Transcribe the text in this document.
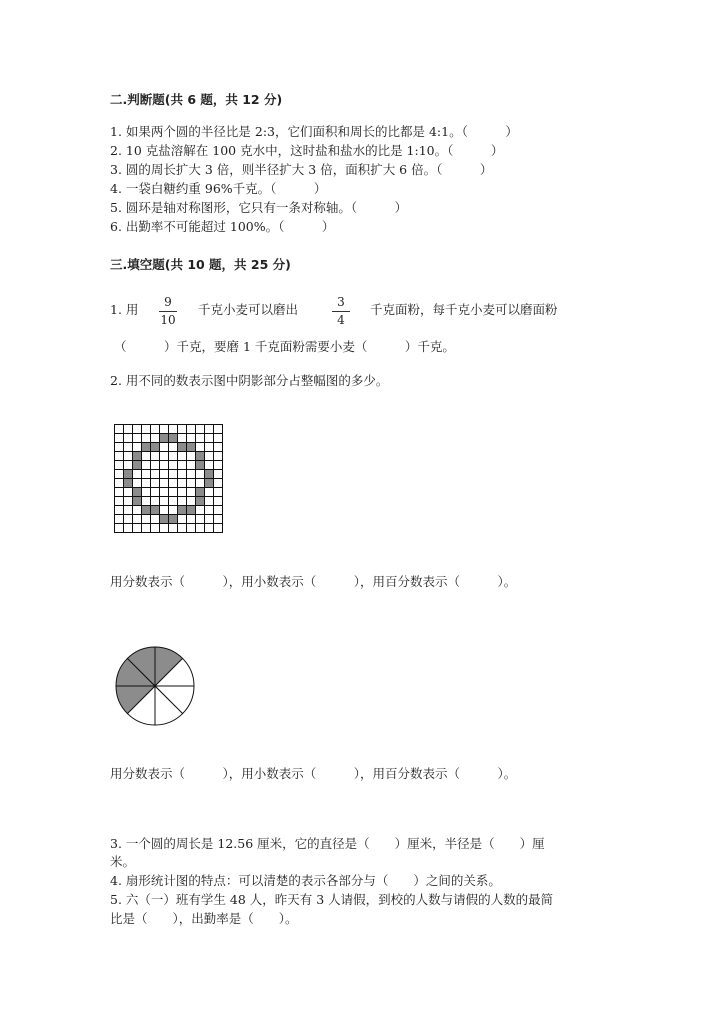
二.判断题(共 6 题，共 12 分)
1. 如果两个圆的半径比是 2:3，它们面积和周长的比都是 4:1。（　　　）
2. 10 克盐溶解在 100 克水中，这时盐和盐水的比是 1:10。（　　　）
3. 圆的周长扩大 3 倍，则半径扩大 3 倍，面积扩大 6 倍。（　　　）
4. 一袋白糖约重 96%千克。（　　　）
5. 圆环是轴对称图形，它只有一条对称轴。（　　　）
6. 出勤率不可能超过 100%。（　　　）
三.填空题(共 10 题，共 25 分)
1. 用	9
10
千克小麦可以磨出	3
4
千克面粉，每千克小麦可以磨面粉
（　　　）千克，要磨 1 千克面粉需要小麦（　　　）千克。
2. 用不同的数表示图中阴影部分占整幅图的多少。
用分数表示（　　　），用小数表示（　　　），用百分数表示（　　　）。
用分数表示（　　　），用小数表示（　　　），用百分数表示（　　　）。
3. 一个圆的周长是 12.56 厘米，它的直径是（　　）厘米，半径是（　　）厘
米。
4. 扇形统计图的特点：可以清楚的表示各部分与（　　）之间的关系。
5. 六（一）班有学生 48 人，昨天有 3 人请假，到校的人数与请假的人数的最简
比是（　　），出勤率是（　　）。
